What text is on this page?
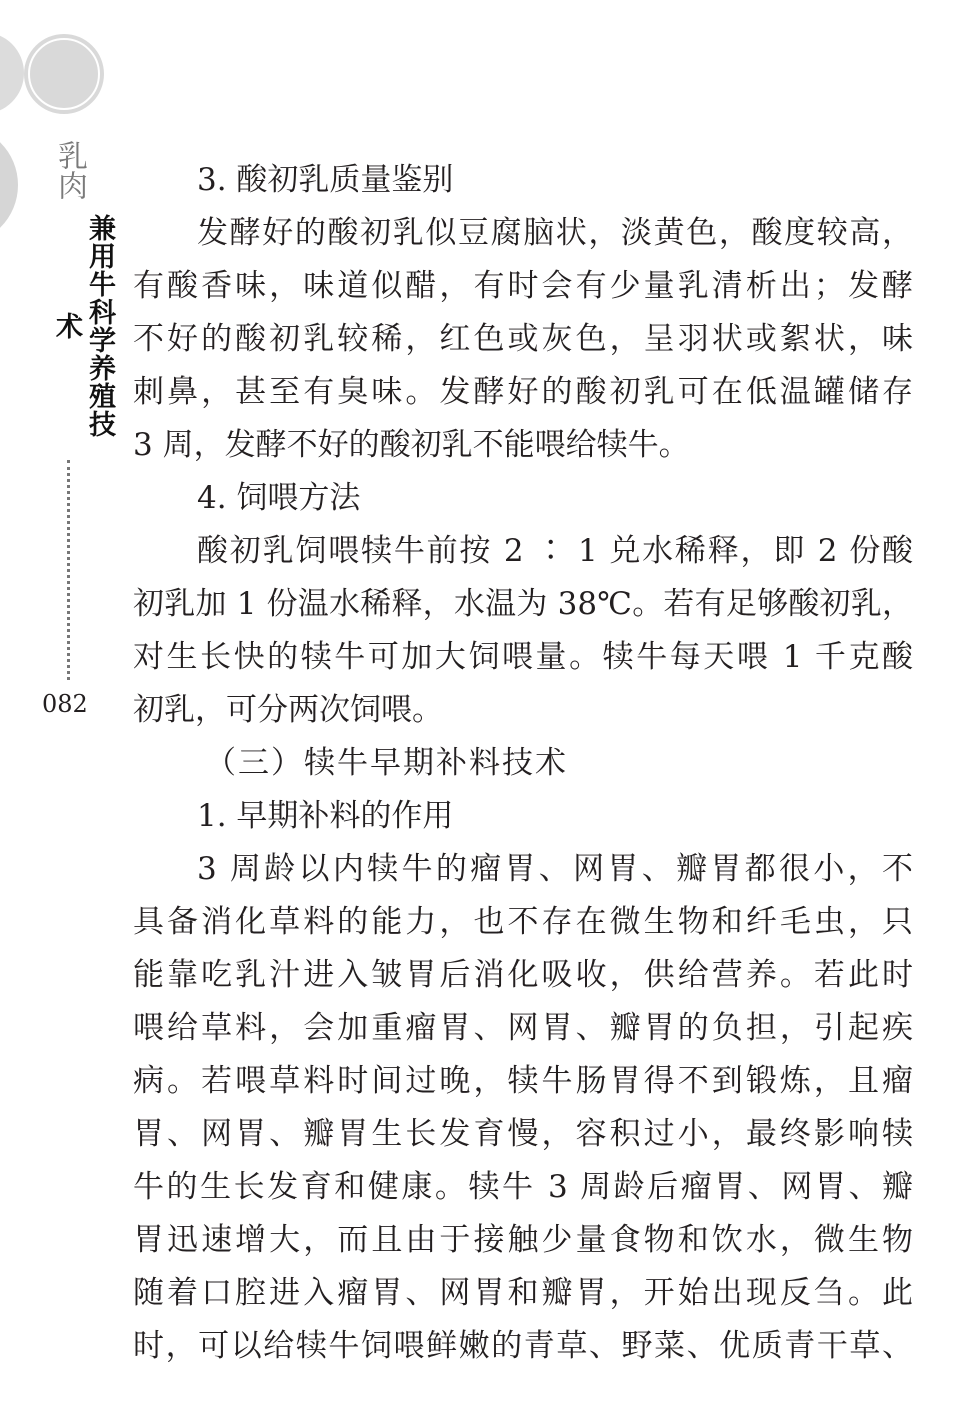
乳肉
兼用牛科学养殖技术
082
3. 酸初乳质量鉴别
发酵好的酸初乳似豆腐脑状，淡黄色，酸度较高，
有酸香味，味道似醋，有时会有少量乳清析出；发酵
不好的酸初乳较稀，红色或灰色，呈羽状或絮状，味
刺鼻，甚至有臭味。发酵好的酸初乳可在低温罐储存
3 周，发酵不好的酸初乳不能喂给犊牛。
4. 饲喂方法
酸初乳饲喂犊牛前按 2 ∶ 1 兑水稀释，即 2 份酸
初乳加 1 份温水稀释，水温为 38℃。若有足够酸初乳，
对生长快的犊牛可加大饲喂量。犊牛每天喂 1 千克酸
初乳，可分两次饲喂。
（三）犊牛早期补料技术
1. 早期补料的作用
3 周龄以内犊牛的瘤胃、网胃、瓣胃都很小，不
具备消化草料的能力，也不存在微生物和纤毛虫，只
能靠吃乳汁进入皱胃后消化吸收，供给营养。若此时
喂给草料，会加重瘤胃、网胃、瓣胃的负担，引起疾
病。若喂草料时间过晚，犊牛肠胃得不到锻炼，且瘤
胃、网胃、瓣胃生长发育慢，容积过小，最终影响犊
牛的生长发育和健康。犊牛 3 周龄后瘤胃、网胃、瓣
胃迅速增大，而且由于接触少量食物和饮水，微生物
随着口腔进入瘤胃、网胃和瓣胃，开始出现反刍。此
时，可以给犊牛饲喂鲜嫩的青草、野菜、优质青干草、
